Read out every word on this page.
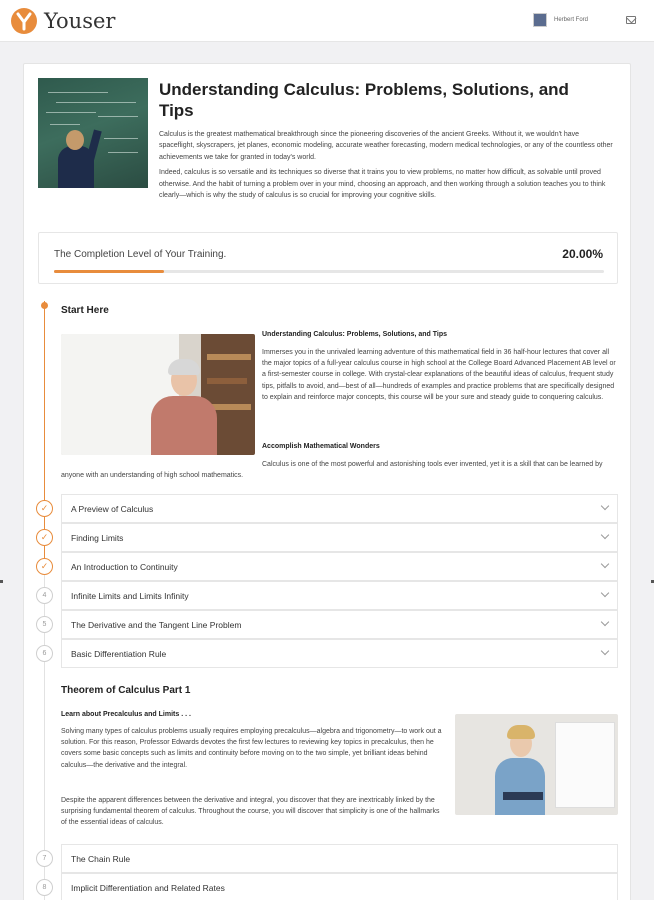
Youser	Herbert Ford
Understanding Calculus: Problems, Solutions, and Tips

Calculus is the greatest mathematical breakthrough since the pioneering discoveries of the ancient Greeks. Without it, we wouldn't have spaceflight, skyscrapers, jet planes, economic modeling, accurate weather forecasting, modern medical technologies, or any of the countless other achievements we take for granted in today's world.

Indeed, calculus is so versatile and its techniques so diverse that it trains you to view problems, no matter how difficult, as solvable until proved otherwise. And the habit of turning a problem over in your mind, choosing an approach, and then working through a solution teaches you to think clearly—which is why the study of calculus is so crucial for improving your cognitive skills.

The Completion Level of Your Training.	20.00%
Start Here
Understanding Calculus: Problems, Solutions, and Tips
Immerses you in the unrivaled learning adventure of this mathematical field in 36 half-hour lectures that cover all the major topics of a full-year calculus course in high school at the College Board Advanced Placement AB level or a first-semester course in college. With crystal-clear explanations of the beautiful ideas of calculus, frequent study tips, pitfalls to avoid, and—best of all—hundreds of examples and practice problems that are specifically designed to explain and reinforce major concepts, this course will be your sure and steady guide to conquering calculus.
Accomplish Mathematical Wonders
Calculus is one of the most powerful and astonishing tools ever invented, yet it is a skill that can be learned by anyone with an understanding of high school mathematics.
A Preview of Calculus
Finding Limits
An Introduction to Continuity
Infinite Limits and Limits Infinity
The Derivative and the Tangent Line Problem
Basic Differentiation Rule
✓
✓
✓
4
5
6
Theorem of Calculus Part 1
Learn about Precalculus and Limits . . .
Solving many types of calculus problems usually requires employing precalculus—algebra and trigonometry—to work out a solution. For this reason, Professor Edwards devotes the first few lectures to reviewing key topics in precalculus, then he covers some basic concepts such as limits and continuity before moving on to the two simple, yet brilliant ideas behind calculus—the derivative and the integral.
Despite the apparent differences between the derivative and integral, you discover that they are inextricably linked by the surprising fundamental theorem of calculus. Throughout the course, you will discover that simplicity is one of the hallmarks of the essential ideas of calculus.
The Chain Rule
Implicit Differentiation and Related Rates
7
8
